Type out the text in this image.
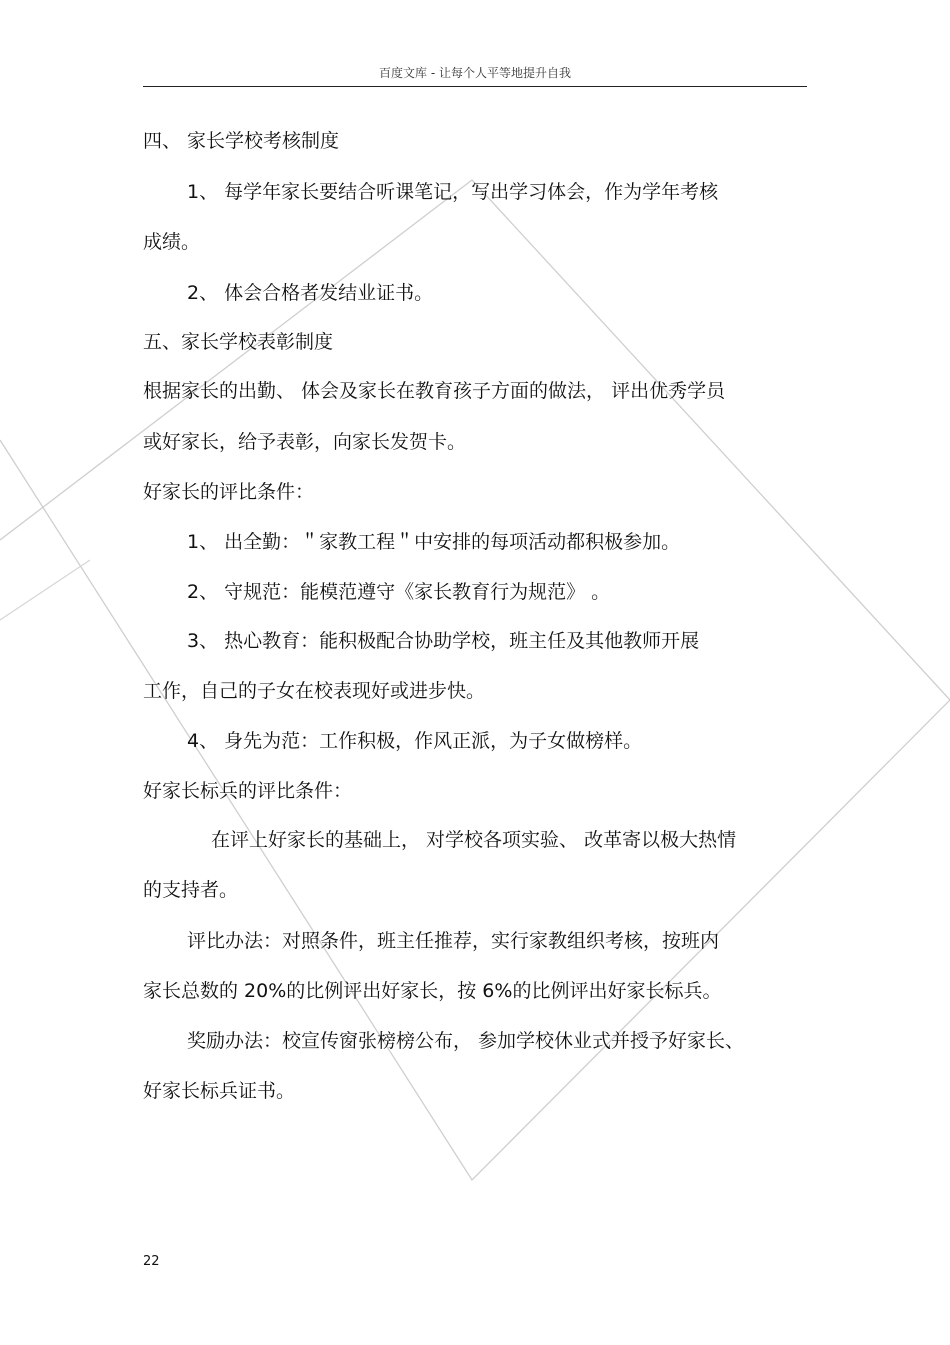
百度文库 - 让每个人平等地提升自我
四、 家长学校考核制度
1、 每学年家长要结合听课笔记，写出学习体会，作为学年考核
成绩。
2、 体会合格者发结业证书。
五、家长学校表彰制度
根据家长的出勤、 体会及家长在教育孩子方面的做法， 评出优秀学员
或好家长，给予表彰，向家长发贺卡。
好家长的评比条件：
1、 出全勤：＂家教工程＂中安排的每项活动都积极参加。
2、 守规范：能模范遵守《家长教育行为规范》 。
3、 热心教育：能积极配合协助学校，班主任及其他教师开展
工作，自己的子女在校表现好或进步快。
4、 身先为范：工作积极，作风正派，为子女做榜样。
好家长标兵的评比条件：
在评上好家长的基础上， 对学校各项实验、 改革寄以极大热情
的支持者。
评比办法：对照条件，班主任推荐，实行家教组织考核，按班内
家长总数的 20%的比例评出好家长，按 6%的比例评出好家长标兵。
奖励办法：校宣传窗张榜榜公布， 参加学校休业式并授予好家长、
好家长标兵证书。
22
